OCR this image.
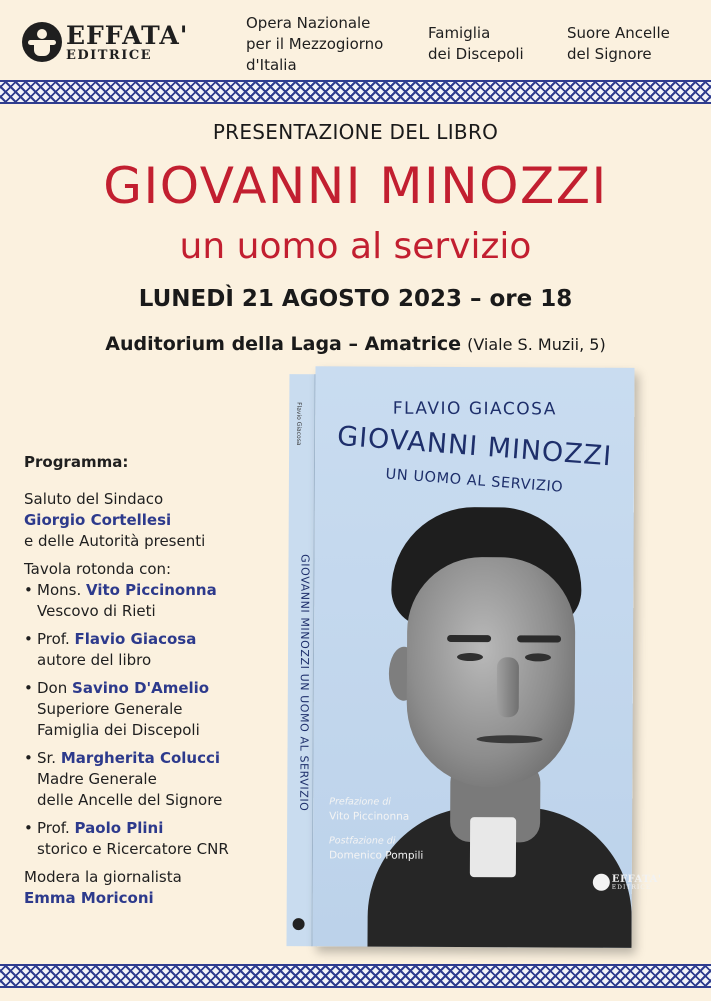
EFFATA'
EDITRICE
Opera Nazionale
per il Mezzogiorno
d'Italia
Famiglia
dei Discepoli
Suore Ancelle
del Signore
PRESENTAZIONE DEL LIBRO
GIOVANNI MINOZZI
un uomo al servizio
LUNEDÌ 21 AGOSTO 2023 – ore 18
Auditorium della Laga – Amatrice (Viale S. Muzii, 5)
Programma:
Saluto del Sindaco
Giorgio Cortellesi
e delle Autorità presenti
Tavola rotonda con:
• Mons. Vito Piccinonna
Vescovo di Rieti
• Prof. Flavio Giacosa
autore del libro
• Don Savino D'Amelio
Superiore Generale
Famiglia dei Discepoli
• Sr. Margherita Colucci
Madre Generale
delle Ancelle del Signore
• Prof. Paolo Plini
storico e Ricercatore CNR
Modera la giornalista
Emma Moriconi
Flavio Giacosa
GIOVANNI MINOZZI UN UOMO AL SERVIZIO
FLAVIO GIACOSA
GIOVANNI MINOZZI
UN UOMO AL SERVIZIO
Prefazione di
Vito Piccinonna
Postfazione di
Domenico Pompili
EFFATA'
EDITRICE
